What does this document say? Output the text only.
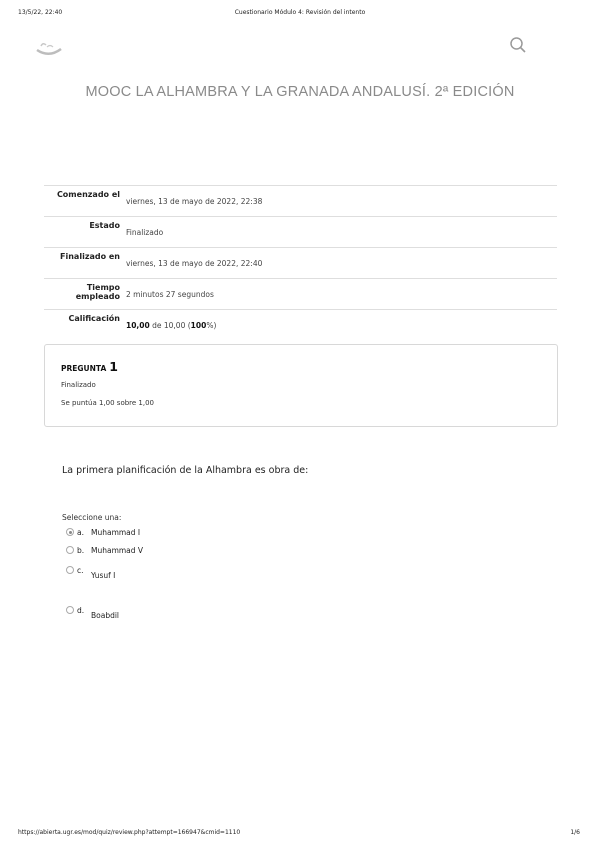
13/5/22, 22:40	Cuestionario Módulo 4: Revisión del intento
MOOC LA ALHAMBRA Y LA GRANADA ANDALUSÍ. 2ª EDICIÓN
Comenzado el
viernes, 13 de mayo de 2022, 22:38
Estado
Finalizado
Finalizado en
viernes, 13 de mayo de 2022, 22:40
Tiempo empleado 2 minutos 27 segundos
Calificación
10,00 de 10,00 (100%)
PREGUNTA 1
Finalizado
Se puntúa 1,00 sobre 1,00
La primera planificación de la Alhambra es obra de:
Seleccione una:
a. Muhammad I
b. Muhammad V
c.
Yusuf I
d.
Boabdil
https://abierta.ugr.es/mod/quiz/review.php?attempt=166947&cmid=1110	1/6
